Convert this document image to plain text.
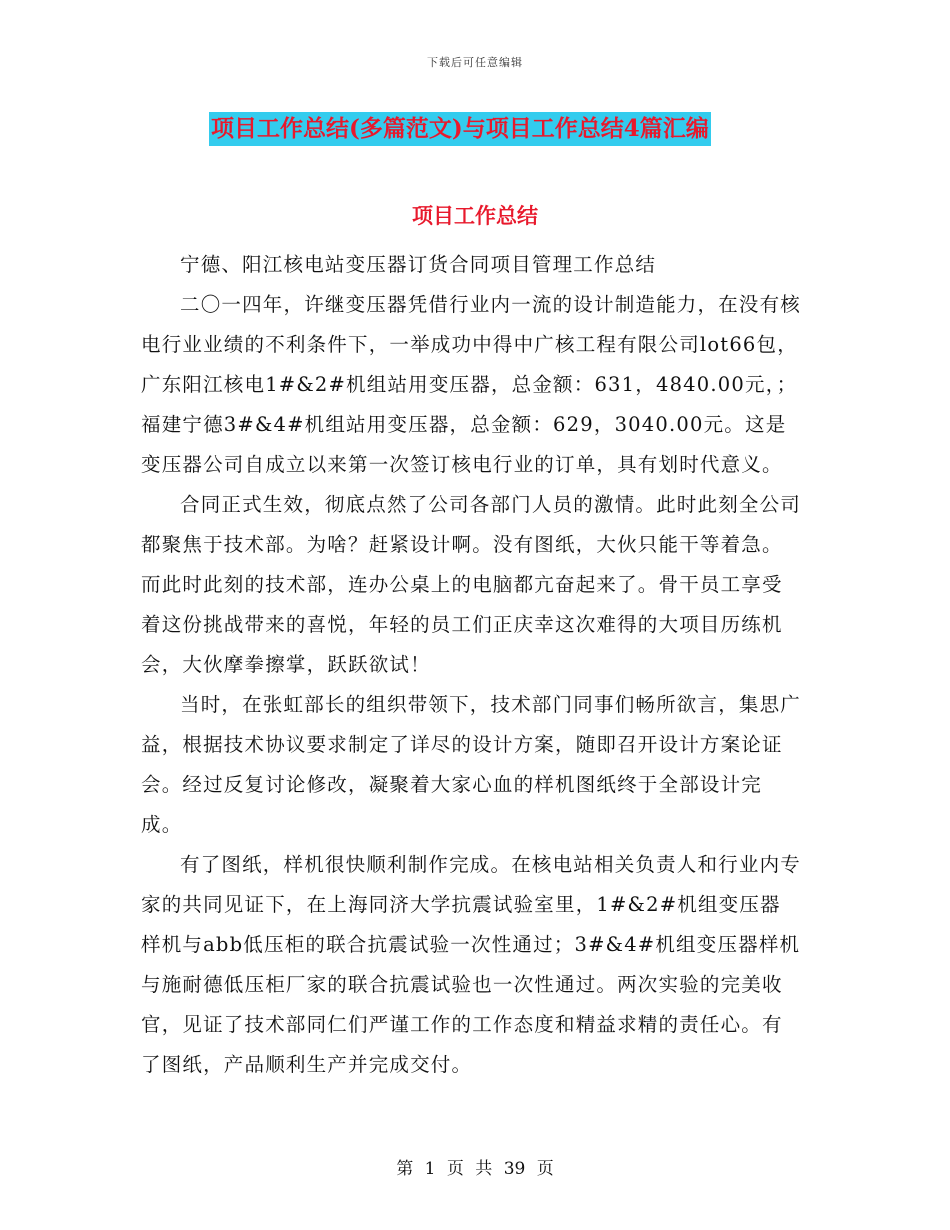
下载后可任意编辑
项目工作总结(多篇范文)与项目工作总结4篇汇编
项目工作总结

宁德、阳江核电站变压器订货合同项目管理工作总结

二〇一四年，许继变压器凭借行业内一流的设计制造能力，在没有核电行业业绩的不利条件下，一举成功中得中广核工程有限公司lot66包，广东阳江核电1#&2#机组站用变压器，总金额：631，4840.00元，；福建宁德3#&4#机组站用变压器，总金额：629，3040.00元。这是变压器公司自成立以来第一次签订核电行业的订单，具有划时代意义。

合同正式生效，彻底点然了公司各部门人员的激情。此时此刻全公司都聚焦于技术部。为啥？赶紧设计啊。没有图纸，大伙只能干等着急。而此时此刻的技术部，连办公桌上的电脑都亢奋起来了。骨干员工享受着这份挑战带来的喜悦，年轻的员工们正庆幸这次难得的大项目历练机会，大伙摩拳擦掌，跃跃欲试！

当时，在张虹部长的组织带领下，技术部门同事们畅所欲言，集思广益，根据技术协议要求制定了详尽的设计方案，随即召开设计方案论证会。经过反复讨论修改，凝聚着大家心血的样机图纸终于全部设计完成。

有了图纸，样机很快顺利制作完成。在核电站相关负责人和行业内专家的共同见证下，在上海同济大学抗震试验室里，1#&2#机组变压器样机与abb低压柜的联合抗震试验一次性通过；3#&4#机组变压器样机与施耐德低压柜厂家的联合抗震试验也一次性通过。两次实验的完美收官，见证了技术部同仁们严谨工作的工作态度和精益求精的责任心。有了图纸，产品顺利生产并完成交付。

第 1 页 共 39 页
